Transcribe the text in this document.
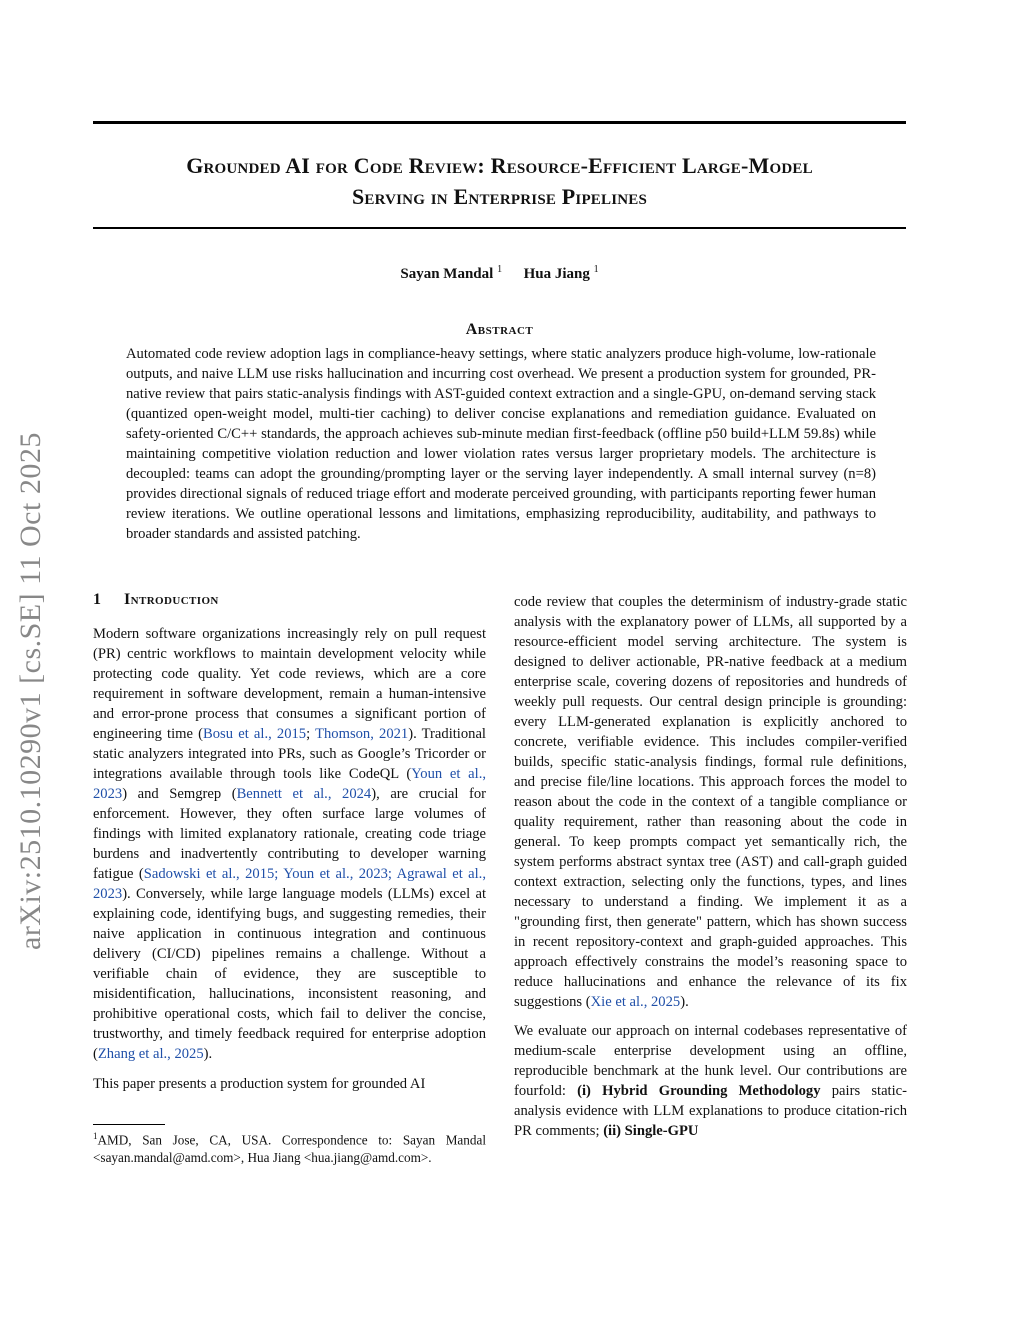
Grounded AI for Code Review: Resource-Efficient Large-Model
Serving in Enterprise Pipelines
Sayan Mandal $^1$ Hua Jiang $^1$
Abstract
Automated code review adoption lags in compliance-heavy settings, where static analyzers produce high-volume, low-rationale outputs, and naive LLM use risks hallucination and incurring cost overhead. We present a production system for grounded, PR-native review that pairs static-analysis findings with AST-guided context extraction and a single-GPU, on-demand serving stack (quantized open-weight model, multi-tier caching) to deliver concise explanations and remediation guidance. Evaluated on safety-oriented C/C++ standards, the approach achieves sub-minute median first-feedback (offline p50 build+LLM 59.8s) while maintaining competitive violation reduction and lower violation rates versus larger proprietary models. The architecture is decoupled: teams can adopt the grounding/prompting layer or the serving layer independently. A small internal survey (n=8) provides directional signals of reduced triage effort and moderate perceived grounding, with participants reporting fewer human review iterations. We outline operational lessons and limitations, emphasizing reproducibility, auditability, and pathways to broader standards and assisted patching.
arXiv:2510.10290v1 [cs.SE] 11 Oct 2025	1 Introduction

Modern software organizations increasingly rely on pull request (PR) centric workflows to maintain development velocity while protecting code quality. Yet code reviews, which are a core requirement in software development, remain a human-intensive and error-prone process that consumes a significant portion of engineering time (Bosu et al., 2015; Thomson, 2021). Traditional static analyzers integrated into PRs, such as Google’s Tricorder or integrations available through tools like CodeQL (Youn et al., 2023) and Semgrep (Bennett et al., 2024), are crucial for enforcement. However, they often surface large volumes of findings with limited explanatory rationale, creating code triage burdens and inadvertently contributing to developer warning fatigue (Sadowski et al., 2015; Youn et al., 2023; Agrawal et al., 2023). Conversely, while large language models (LLMs) excel at explaining code, identifying bugs, and suggesting remedies, their naive application in continuous integration and continuous delivery (CI/CD) pipelines remains a challenge. Without a verifiable chain of evidence, they are susceptible to misidentification, hallucinations, inconsistent reasoning, and prohibitive operational costs, which fail to deliver the concise, trustworthy, and timely feedback required for enterprise adoption (Zhang et al., 2025).

This paper presents a production system for grounded AI

$^1$AMD, San Jose, CA, USA. Correspondence to: Sayan Mandal <sayan.mandal@amd.com>, Hua Jiang <hua.jiang@amd.com>.

code review that couples the determinism of industry-grade static analysis with the explanatory power of LLMs, all supported by a resource-efficient model serving architecture. The system is designed to deliver actionable, PR-native feedback at a medium enterprise scale, covering dozens of repositories and hundreds of weekly pull requests. Our central design principle is grounding: every LLM-generated explanation is explicitly anchored to concrete, verifiable evidence. This includes compiler-verified builds, specific static-analysis findings, formal rule definitions, and precise file/line locations. This approach forces the model to reason about the code in the context of a tangible compliance or quality requirement, rather than reasoning about the code in general. To keep prompts compact yet semantically rich, the system performs abstract syntax tree (AST) and call-graph guided context extraction, selecting only the functions, types, and lines necessary to understand a finding. We implement it as a "grounding first, then generate" pattern, which has shown success in recent repository-context and graph-guided approaches. This approach effectively constrains the model’s reasoning space to reduce hallucinations and enhance the relevance of its fix suggestions (Xie et al., 2025).

We evaluate our approach on internal codebases representative of medium-scale enterprise development using an offline, reproducible benchmark at the hunk level. Our contributions are fourfold: (i) Hybrid Grounding Methodology pairs static-analysis evidence with LLM explanations to produce citation-rich PR comments; (ii) Single-GPU
